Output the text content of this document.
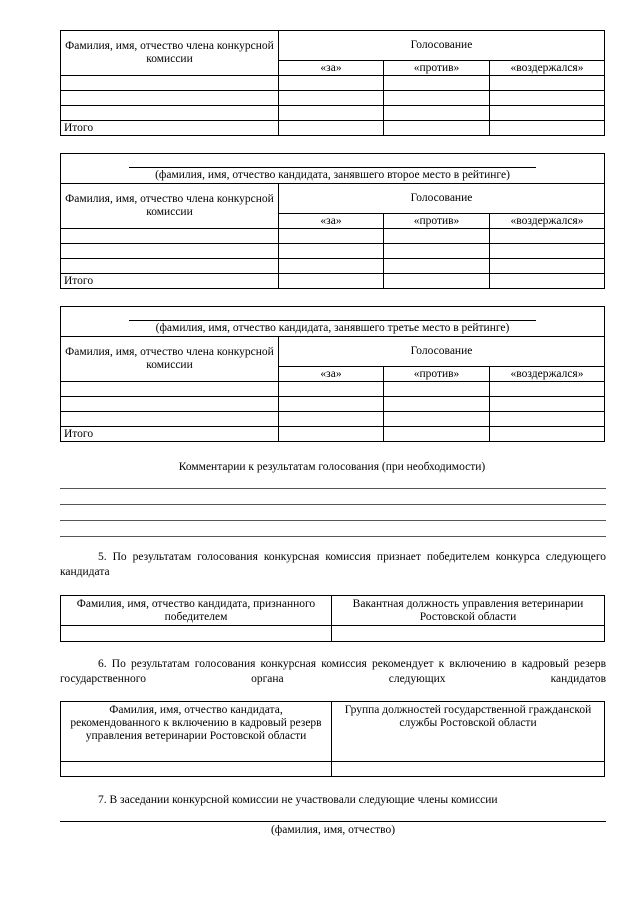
Фамилия, имя, отчество члена конкурсной комиссии	Голосование		
	«за»	«против»	«воздержался»

Итого			
(фамилия, имя, отчество кандидата, занявшего второе место в рейтинге)			

Фамилия, имя, отчество члена конкурсной комиссии	Голосование		
	«за»	«против»	«воздержался»

Итого			
(фамилия, имя, отчество кандидата, занявшего третье место в рейтинге)			

Фамилия, имя, отчество члена конкурсной комиссии	Голосование		
	«за»	«против»	«воздержался»

Итого			
Комментарии к результатам голосования (при необходимости)
5. По результатам голосования конкурсная комиссия признает победителем конкурса следующего кандидата
Фамилия, имя, отчество кандидата, признанного победителем	Вакантная должность управления ветеринарии Ростовской области

6. По результатам голосования конкурсная комиссия рекомендует к включению в кадровый резерв государственного органа следующих кандидатов
Фамилия, имя, отчество кандидата, рекомендованного к включению в кадровый резерв управления ветеринарии Ростовской области	Группа должностей государственной гражданской службы Ростовской области

7. В заседании конкурсной комиссии не участвовали следующие члены комиссии
(фамилия, имя, отчество)
